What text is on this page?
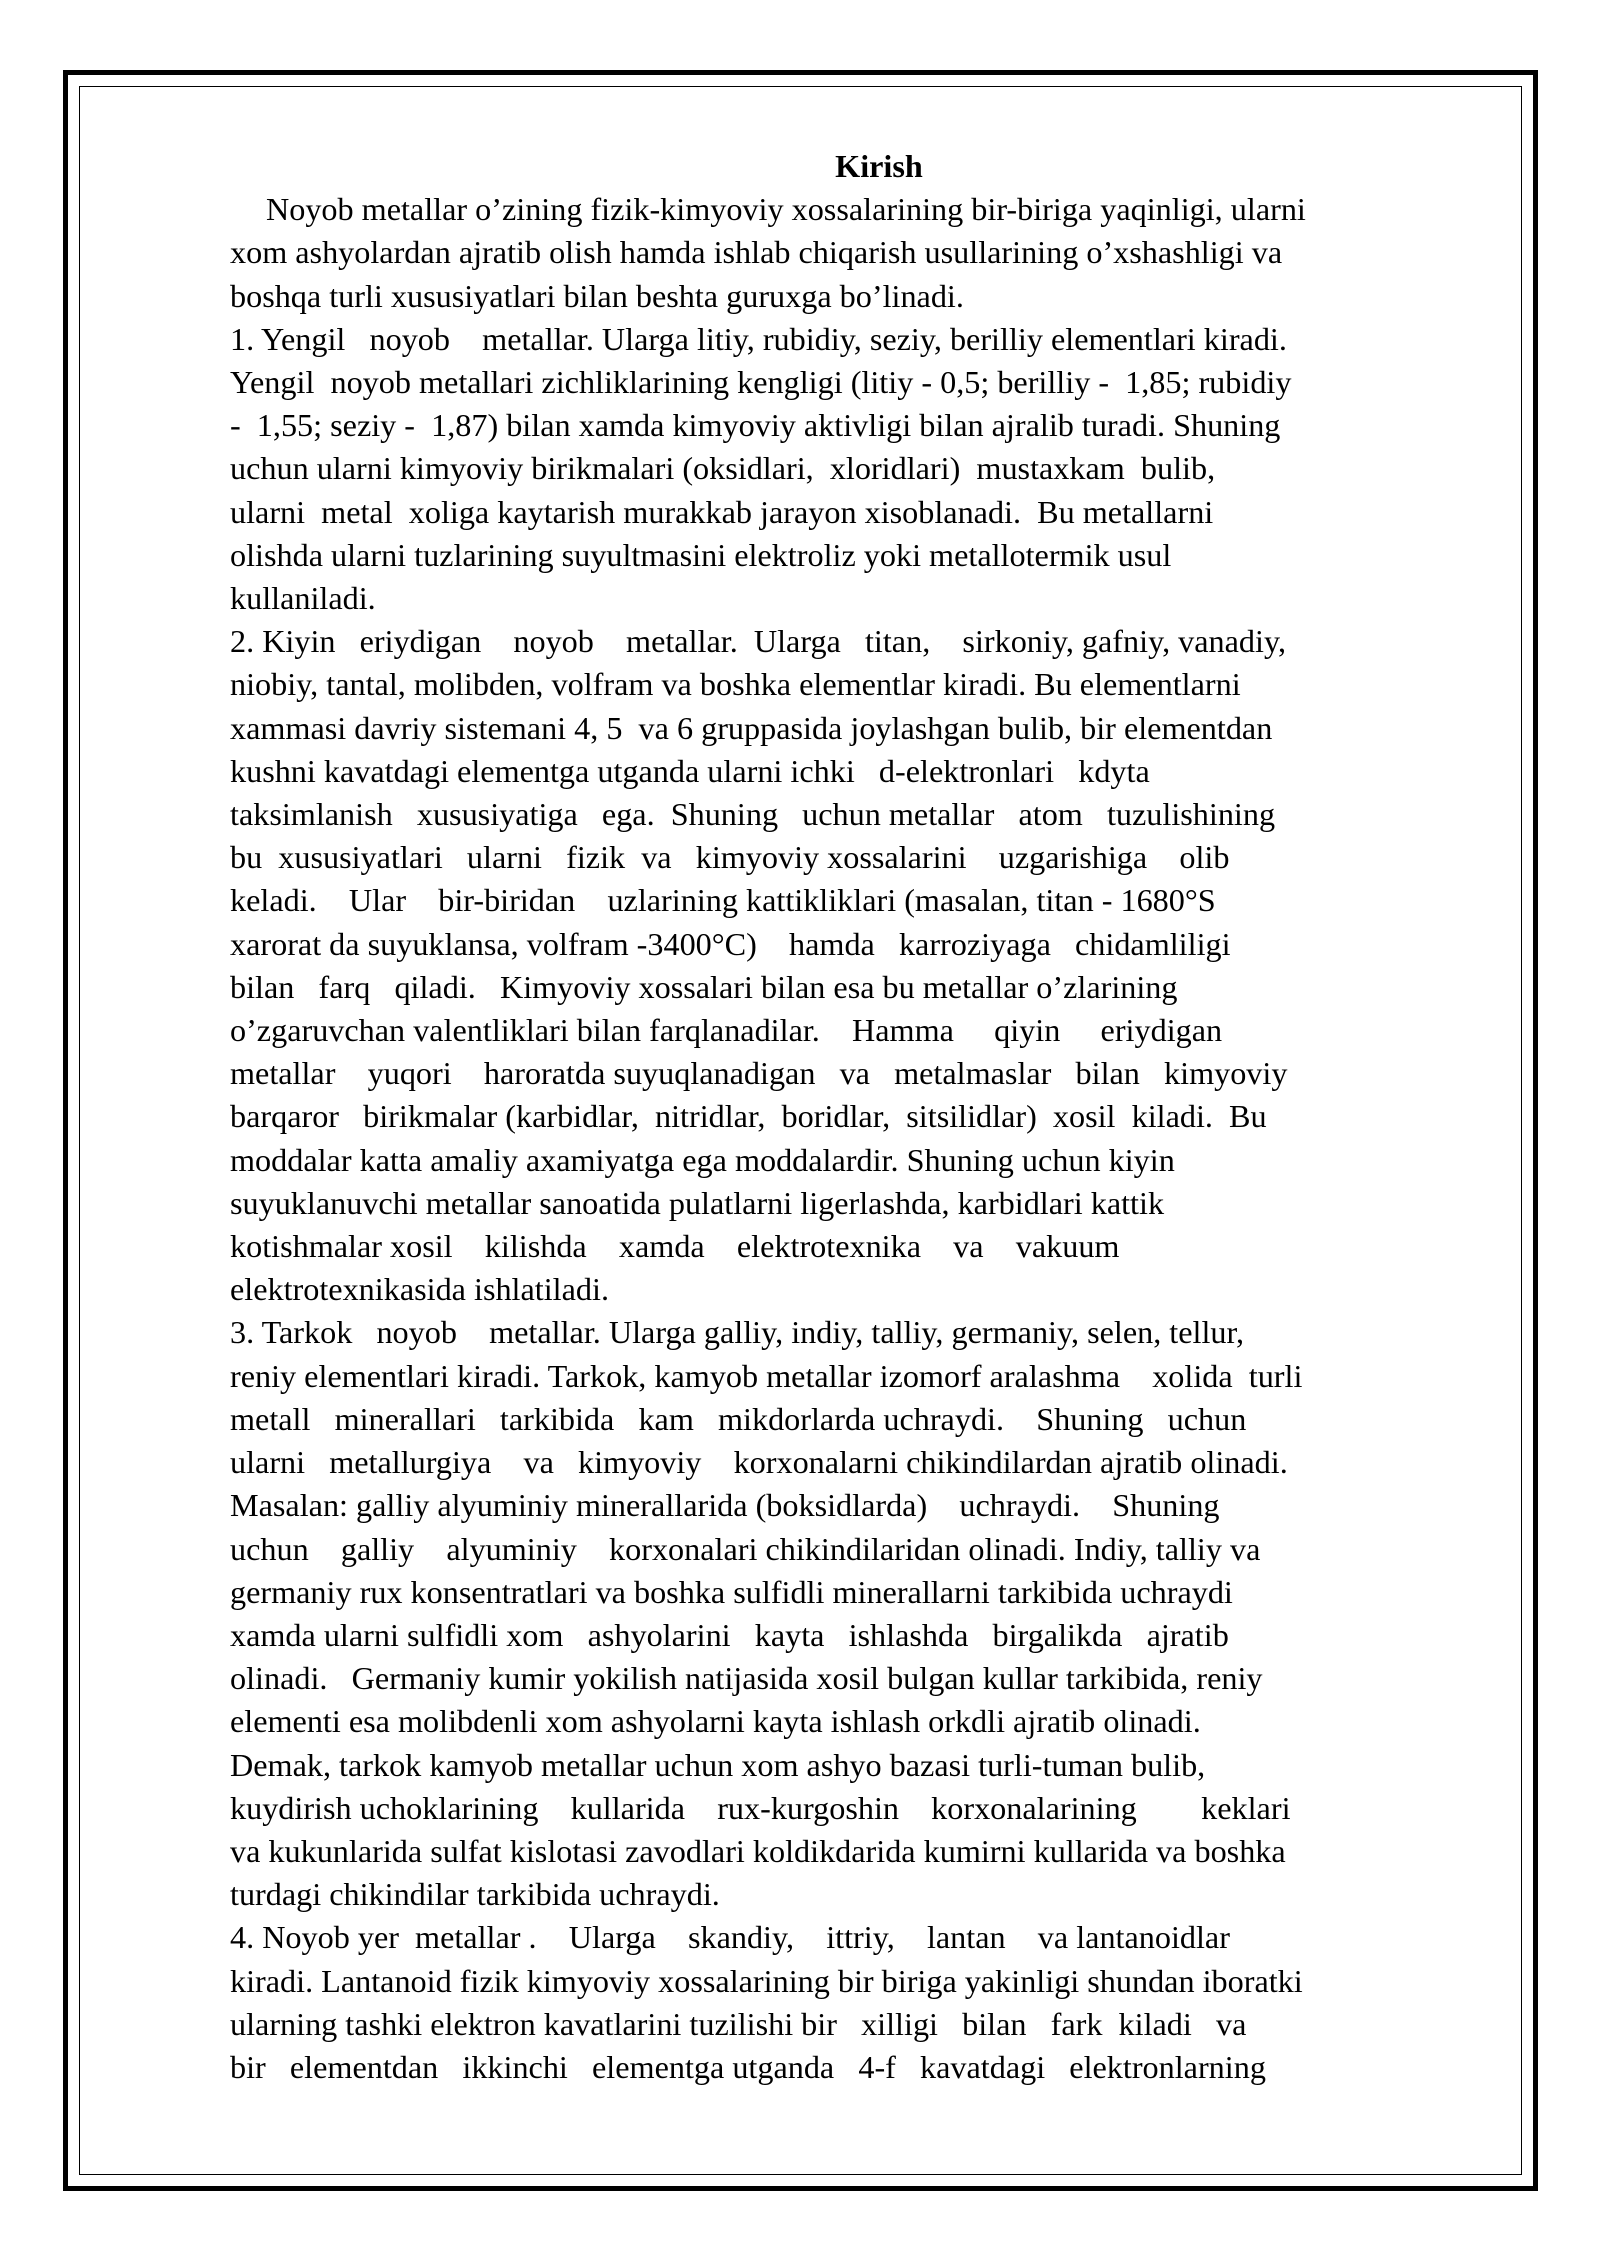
Kirish
Noyob metallar o’zining fizik-kimyoviy xossalarining bir-biriga yaqinligi, ularni
xom ashyolardan ajratib olish hamda ishlab chiqarish usullarining o’xshashligi va
boshqa turli xususiyatlari bilan beshta guruxga bo’linadi.
1. Yengil   noyob    metallar. Ularga litiy, rubidiy, seziy, berilliy elementlari kiradi.
Yengil  noyob metallari zichliklarining kengligi (litiy - 0,5; berilliy -  1,85; rubidiy
-  1,55; seziy -  1,87) bilan xamda kimyoviy aktivligi bilan ajralib turadi. Shuning
uchun ularni kimyoviy birikmalari (oksidlari,  xloridlari)  mustaxkam  bulib,
ularni  metal  xoliga kaytarish murakkab jarayon xisoblanadi.  Bu metallarni
olishda ularni tuzlarining suyultmasini elektroliz yoki metallotermik usul
kullaniladi.
2. Kiyin   eriydigan    noyob    metallar.  Ularga   titan,    sirkoniy, gafniy, vanadiy,
niobiy, tantal, molibden, volfram va boshka elementlar kiradi. Bu elementlarni
xammasi davriy sistemani 4, 5  va 6 gruppasida joylashgan bulib, bir elementdan
kushni kavatdagi elementga utganda ularni ichki   d-elektronlari   kdyta
taksimlanish   xususiyatiga   ega.  Shuning   uchun metallar   atom   tuzulishining
bu  xususiyatlari   ularni   fizik  va   kimyoviy xossalarini    uzgarishiga    olib
keladi.    Ular    bir-biridan    uzlarining kattikliklari (masalan, titan - 1680°S
xarorat da suyuklansa, volfram -3400°C)    hamda   karroziyaga   chidamliligi
bilan   farq   qiladi.   Kimyoviy xossalari bilan esa bu metallar o’zlarining
o’zgaruvchan valentliklari bilan farqlanadilar.    Hamma     qiyin     eriydigan
metallar    yuqori    haroratda suyuqlanadigan   va   metalmaslar   bilan   kimyoviy
barqaror   birikmalar (karbidlar,  nitridlar,  boridlar,  sitsilidlar)  xosil  kiladi.  Bu
moddalar katta amaliy axamiyatga ega moddalardir. Shuning uchun kiyin
suyuklanuvchi metallar sanoatida pulatlarni ligerlashda, karbidlari kattik
kotishmalar xosil    kilishda    xamda    elektrotexnika    va    vakuum
elektrotexnikasida ishlatiladi.
3. Tarkok   noyob    metallar. Ularga galliy, indiy, talliy, germaniy, selen, tellur,
reniy elementlari kiradi. Tarkok, kamyob metallar izomorf aralashma    xolida  turli
metall   minerallari   tarkibida   kam   mikdorlarda uchraydi.    Shuning   uchun
ularni   metallurgiya    va   kimyoviy    korxonalarni chikindilardan ajratib olinadi.
Masalan: galliy alyuminiy minerallarida (boksidlarda)    uchraydi.    Shuning
uchun    galliy    alyuminiy    korxonalari chikindilaridan olinadi. Indiy, talliy va
germaniy rux konsentratlari va boshka sulfidli minerallarni tarkibida uchraydi
xamda ularni sulfidli xom   ashyolarini   kayta   ishlashda   birgalikda   ajratib
olinadi.   Germaniy kumir yokilish natijasida xosil bulgan kullar tarkibida, reniy
elementi esa molibdenli xom ashyolarni kayta ishlash orkdli ajratib olinadi.
Demak, tarkok kamyob metallar uchun xom ashyo bazasi turli-tuman bulib,
kuydirish uchoklarining    kullarida    rux-kurgoshin    korxonalarining        keklari
va kukunlarida sulfat kislotasi zavodlari koldikdarida kumirni kullarida va boshka
turdagi chikindilar tarkibida uchraydi.
4. Noyob yer  metallar .    Ularga    skandiy,    ittriy,    lantan    va lantanoidlar
kiradi. Lantanoid fizik kimyoviy xossalarining bir biriga yakinligi shundan iboratki
ularning tashki elektron kavatlarini tuzilishi bir   xilligi   bilan   fark  kiladi   va
bir   elementdan   ikkinchi   elementga utganda   4-f   kavatdagi   elektronlarning
